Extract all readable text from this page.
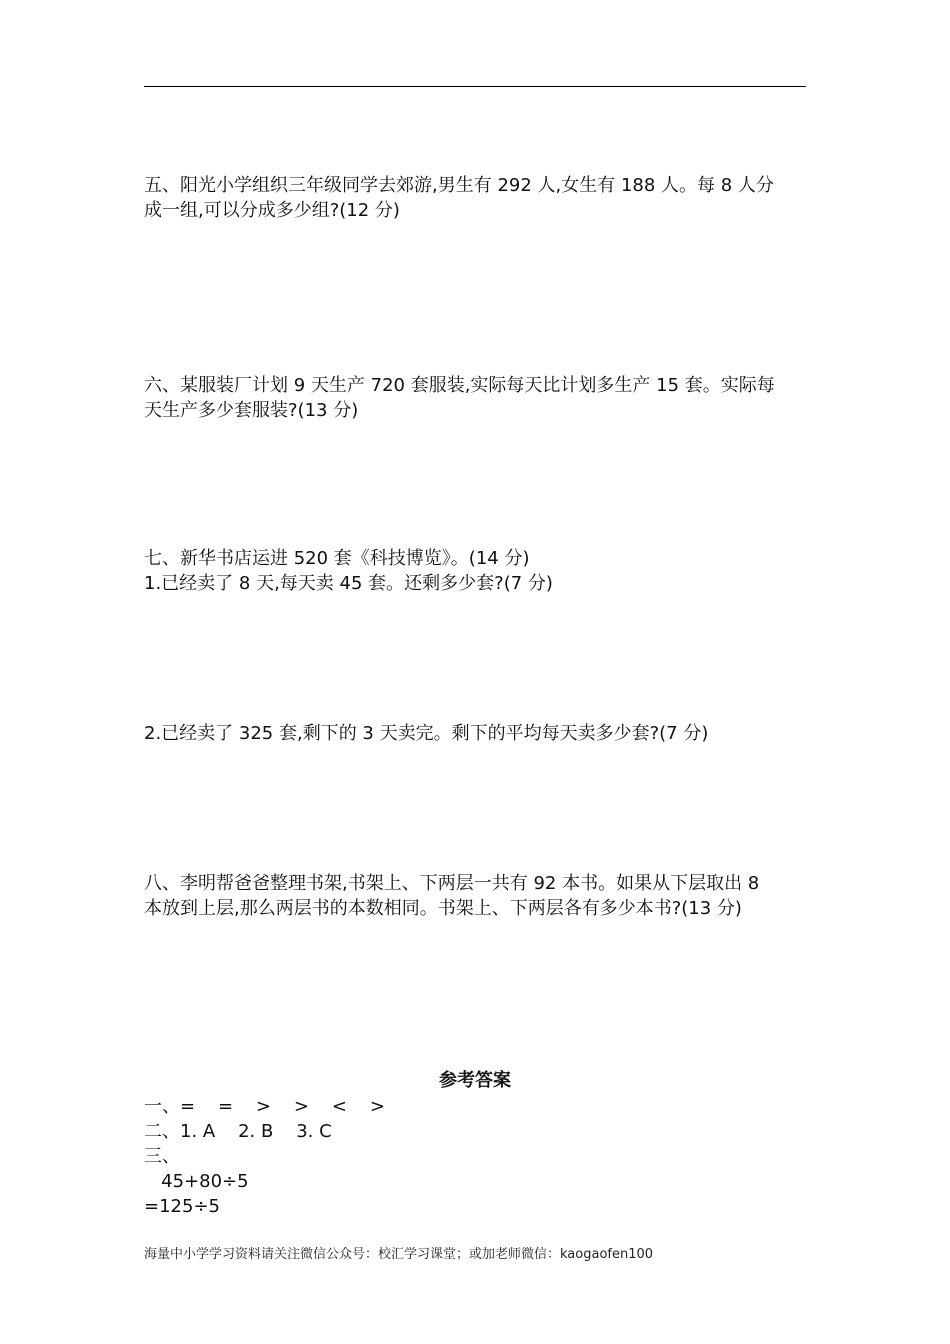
五、阳光小学组织三年级同学去郊游,男生有 292 人,女生有 188 人。每 8 人分

成一组,可以分成多少组?(12 分)

六、某服装厂计划 9 天生产 720 套服装,实际每天比计划多生产 15 套。实际每

天生产多少套服装?(13 分)

七、新华书店运进 520 套《科技博览》。(14 分)

1.已经卖了 8 天,每天卖 45 套。还剩多少套?(7 分)

2.已经卖了 325 套,剩下的 3 天卖完。剩下的平均每天卖多少套?(7 分)

八、李明帮爸爸整理书架,书架上、下两层一共有 92 本书。如果从下层取出 8

本放到上层,那么两层书的本数相同。书架上、下两层各有多少本书?(13 分)

参考答案

一、=    =    >    >    <    >

二、1. A    2. B    3. C

三、

45+80÷5

=125÷5

海量中小学学习资料请关注微信公众号：校汇学习课堂；或加老师微信：kaogaofen100
